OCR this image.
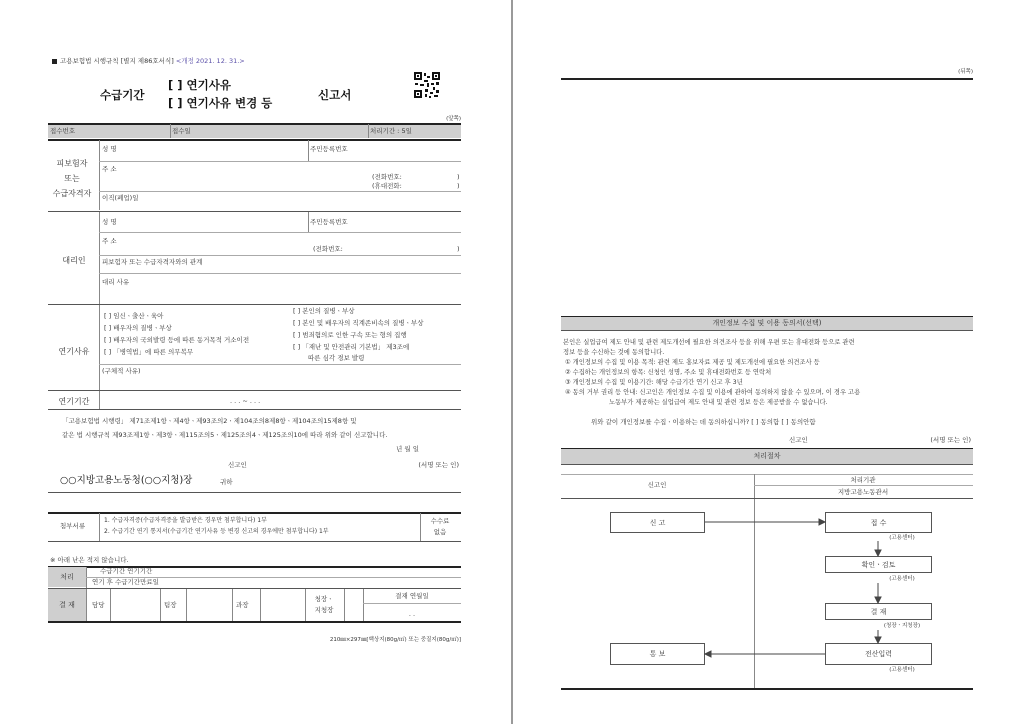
고용보험법 시행규칙 [별지 제86호서식] <개정 2021. 12. 31.>
수급기간
[ ] 연기사유
[ ] 연기사유 변경 등
신고서
(앞쪽)
접수번호	접수일	처리기간 : 5일
피보험자
또는
수급자격자
성 명	주민등록번호
주 소
(전화번호:	)
(휴대전화:	)
이직(폐업)일
대리인
성 명	주민등록번호
주 소
(전화번호:	)
피보험자 또는 수급자격자와의 관계
대리 사유
연기사유
[ ] 임신ㆍ출산ㆍ육아
[ ] 배우자의 질병ㆍ부상
[ ] 배우자의 국외발령 등에 따른 동거목적 거소이전
[ ] 「병역법」에 따른 의무복무
[ ] 본인의 질병ㆍ부상
[ ] 본인 및 배우자의 직계존비속의 질병ㆍ부상
[ ] 범죄혐의로 인한 구속 또는 형의 집행
[ ] 「재난 및 안전관리 기본법」 제3조에
따른 심각 경보 발령
(구체적 사유)
연기기간	. . . ~ . . .
「고용보험법 시행령」 제71조제1항ㆍ제4항ㆍ제93조의2ㆍ제104조의8제8항ㆍ제104조의15제8항 및
같은 법 시행규칙 제93조제1항ㆍ제3항ㆍ제115조의5ㆍ제125조의4ㆍ제125조의10에 따라 위와 같이 신고합니다.
년 월 일
신고인	(서명 또는 인)
○○지방고용노동청(○○지청)장	귀하
첨부서류
1. 수급자격증(수급자격증을 발급받은 경우만 첨부합니다) 1부
2. 수급기간 연기 통지서(수급기간 연기사유 등 변경 신고의 경우에만 첨부합니다) 1부
수수료
없음
※ 아래 난은 적지 않습니다.
처리
수급기간 연기기간
연기 후 수급기간만료일
결 재	담당	팀장	과장
청장ㆍ
지청장
결재 연월일
. .
210㎜×297㎜[백상지(80g/㎡) 또는 중질지(80g/㎡)]
(뒤쪽)
개인정보 수집 및 이용 동의서(선택)
본인은 실업급여 제도 안내 및 관련 제도개선에 필요한 의견조사 등을 위해 우편 또는 휴대전화 등으로 관련
정보 등을 수신하는 것에 동의합니다.
① 개인정보의 수집 및 이용 목적: 관련 제도 홍보자료 제공 및 제도개선에 필요한 의견조사 등
② 수집하는 개인정보의 항목: 신청인 성명, 주소 및 휴대전화번호 등 연락처
③ 개인정보의 수집 및 이용기간: 해당 수급기간 연기 신고 후 3년
④ 동의 거부 권리 등 안내: 신고인은 개인정보 수집 및 이용에 관하여 동의하지 않을 수 있으며, 이 경우 고용
노동부가 제공하는 실업급여 제도 안내 및 관련 정보 등은 제공받을 수 없습니다.
위와 같이 개인정보를 수집ㆍ이용하는 데 동의하십니까? [ ] 동의함 [ ] 동의안함
신고인	(서명 또는 인)
처리절차
신고인
처리기관
지방고용노동관서
신 고	접 수
(고용센터)
확인ㆍ검토
(고용센터)
결 재
(청장ㆍ지청장)
전산입력
(고용센터)
통 보
